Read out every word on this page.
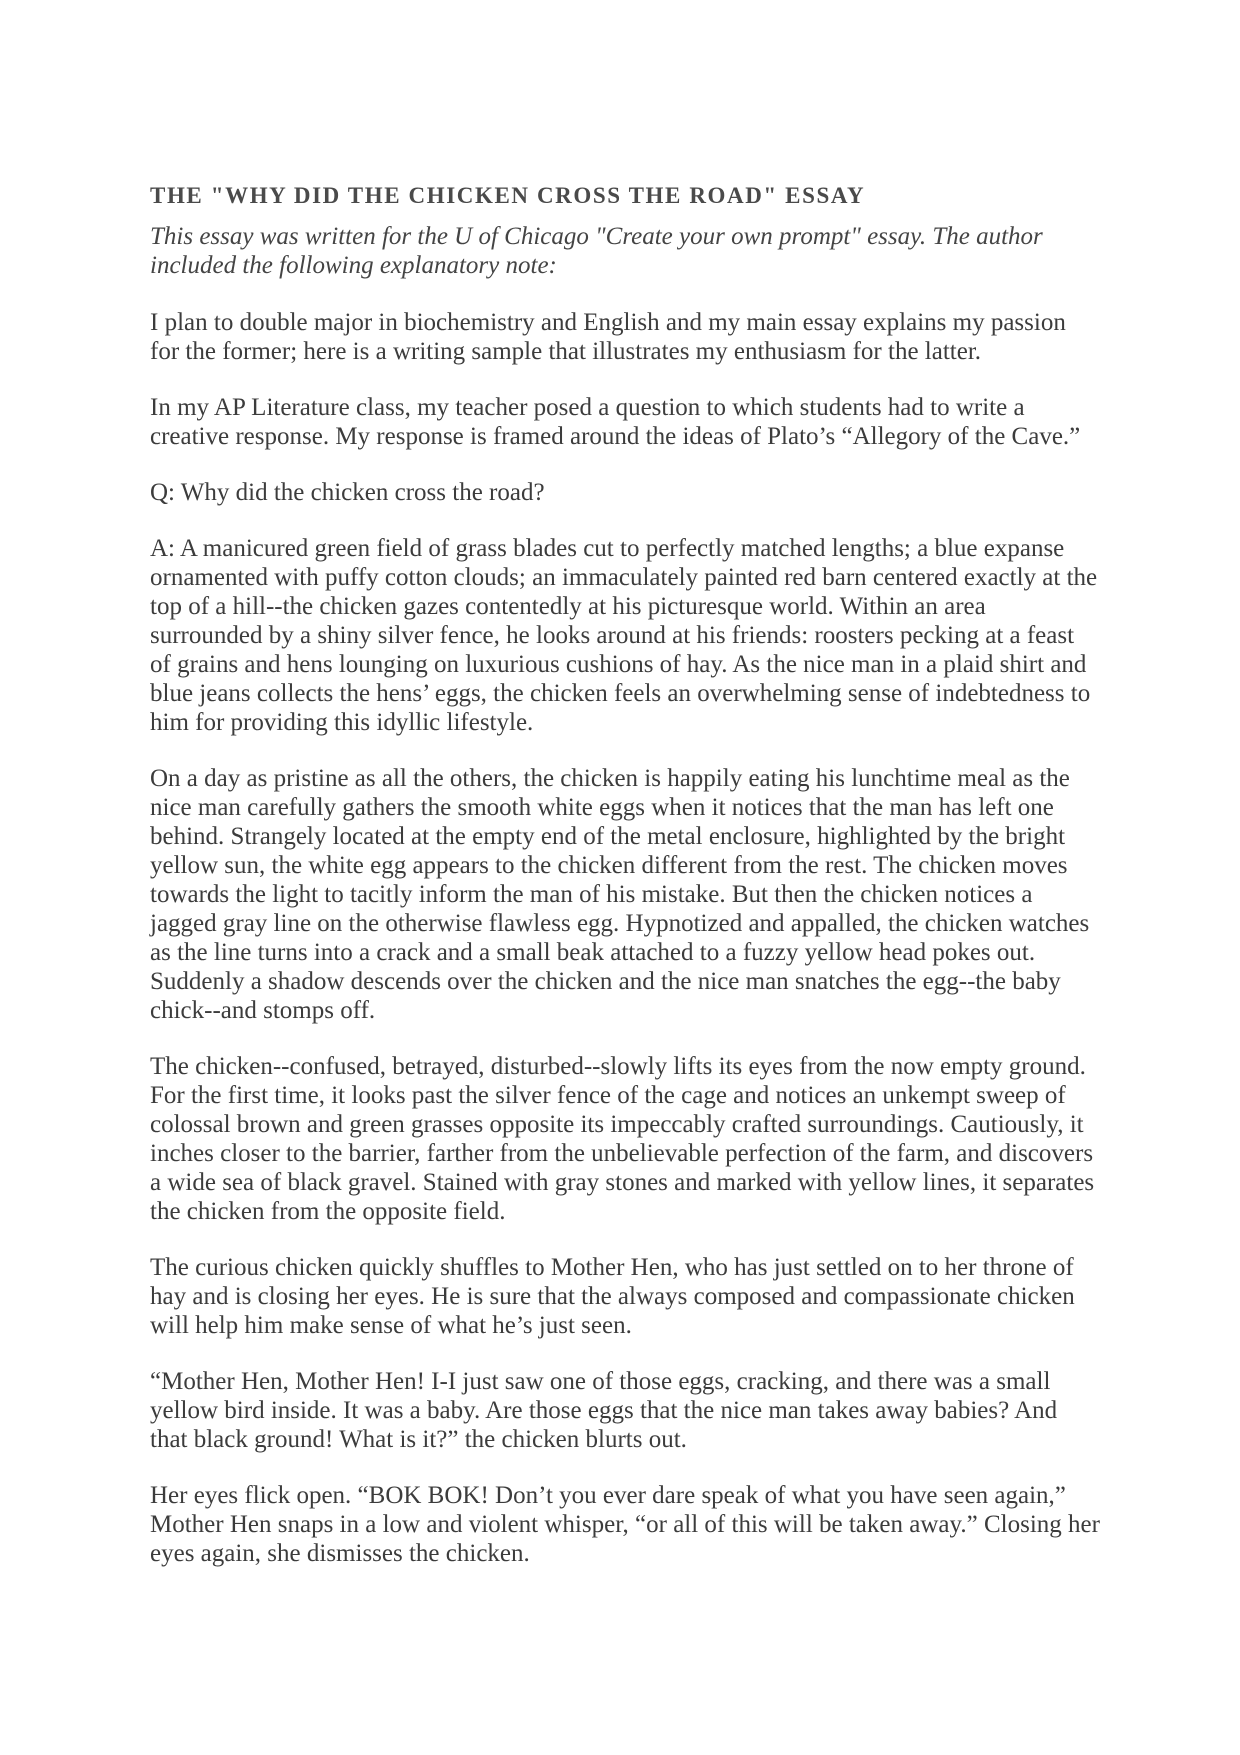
THE "WHY DID THE CHICKEN CROSS THE ROAD" ESSAY

This essay was written for the U of Chicago "Create your own prompt" essay. The author included the following explanatory note:

I plan to double major in biochemistry and English and my main essay explains my passion for the former; here is a writing sample that illustrates my enthusiasm for the latter.

In my AP Literature class, my teacher posed a question to which students had to write a creative response. My response is framed around the ideas of Plato’s “Allegory of the Cave.”

Q: Why did the chicken cross the road?

A: A manicured green field of grass blades cut to perfectly matched lengths; a blue expanse ornamented with puffy cotton clouds; an immaculately painted red barn centered exactly at the top of a hill--the chicken gazes contentedly at his picturesque world. Within an area surrounded by a shiny silver fence, he looks around at his friends: roosters pecking at a feast of grains and hens lounging on luxurious cushions of hay. As the nice man in a plaid shirt and blue jeans collects the hens’ eggs, the chicken feels an overwhelming sense of indebtedness to him for providing this idyllic lifestyle.

On a day as pristine as all the others, the chicken is happily eating his lunchtime meal as the nice man carefully gathers the smooth white eggs when it notices that the man has left one behind. Strangely located at the empty end of the metal enclosure, highlighted by the bright yellow sun, the white egg appears to the chicken different from the rest. The chicken moves towards the light to tacitly inform the man of his mistake. But then the chicken notices a jagged gray line on the otherwise flawless egg. Hypnotized and appalled, the chicken watches as the line turns into a crack and a small beak attached to a fuzzy yellow head pokes out. Suddenly a shadow descends over the chicken and the nice man snatches the egg--the baby chick--and stomps off.

The chicken--confused, betrayed, disturbed--slowly lifts its eyes from the now empty ground. For the first time, it looks past the silver fence of the cage and notices an unkempt sweep of colossal brown and green grasses opposite its impeccably crafted surroundings. Cautiously, it inches closer to the barrier, farther from the unbelievable perfection of the farm, and discovers a wide sea of black gravel. Stained with gray stones and marked with yellow lines, it separates the chicken from the opposite field.

The curious chicken quickly shuffles to Mother Hen, who has just settled on to her throne of hay and is closing her eyes. He is sure that the always composed and compassionate chicken will help him make sense of what he’s just seen.

“Mother Hen, Mother Hen! I-I just saw one of those eggs, cracking, and there was a small yellow bird inside. It was a baby. Are those eggs that the nice man takes away babies? And that black ground! What is it?” the chicken blurts out.

Her eyes flick open. “BOK BOK! Don’t you ever dare speak of what you have seen again,” Mother Hen snaps in a low and violent whisper, “or all of this will be taken away.” Closing her eyes again, she dismisses the chicken.
